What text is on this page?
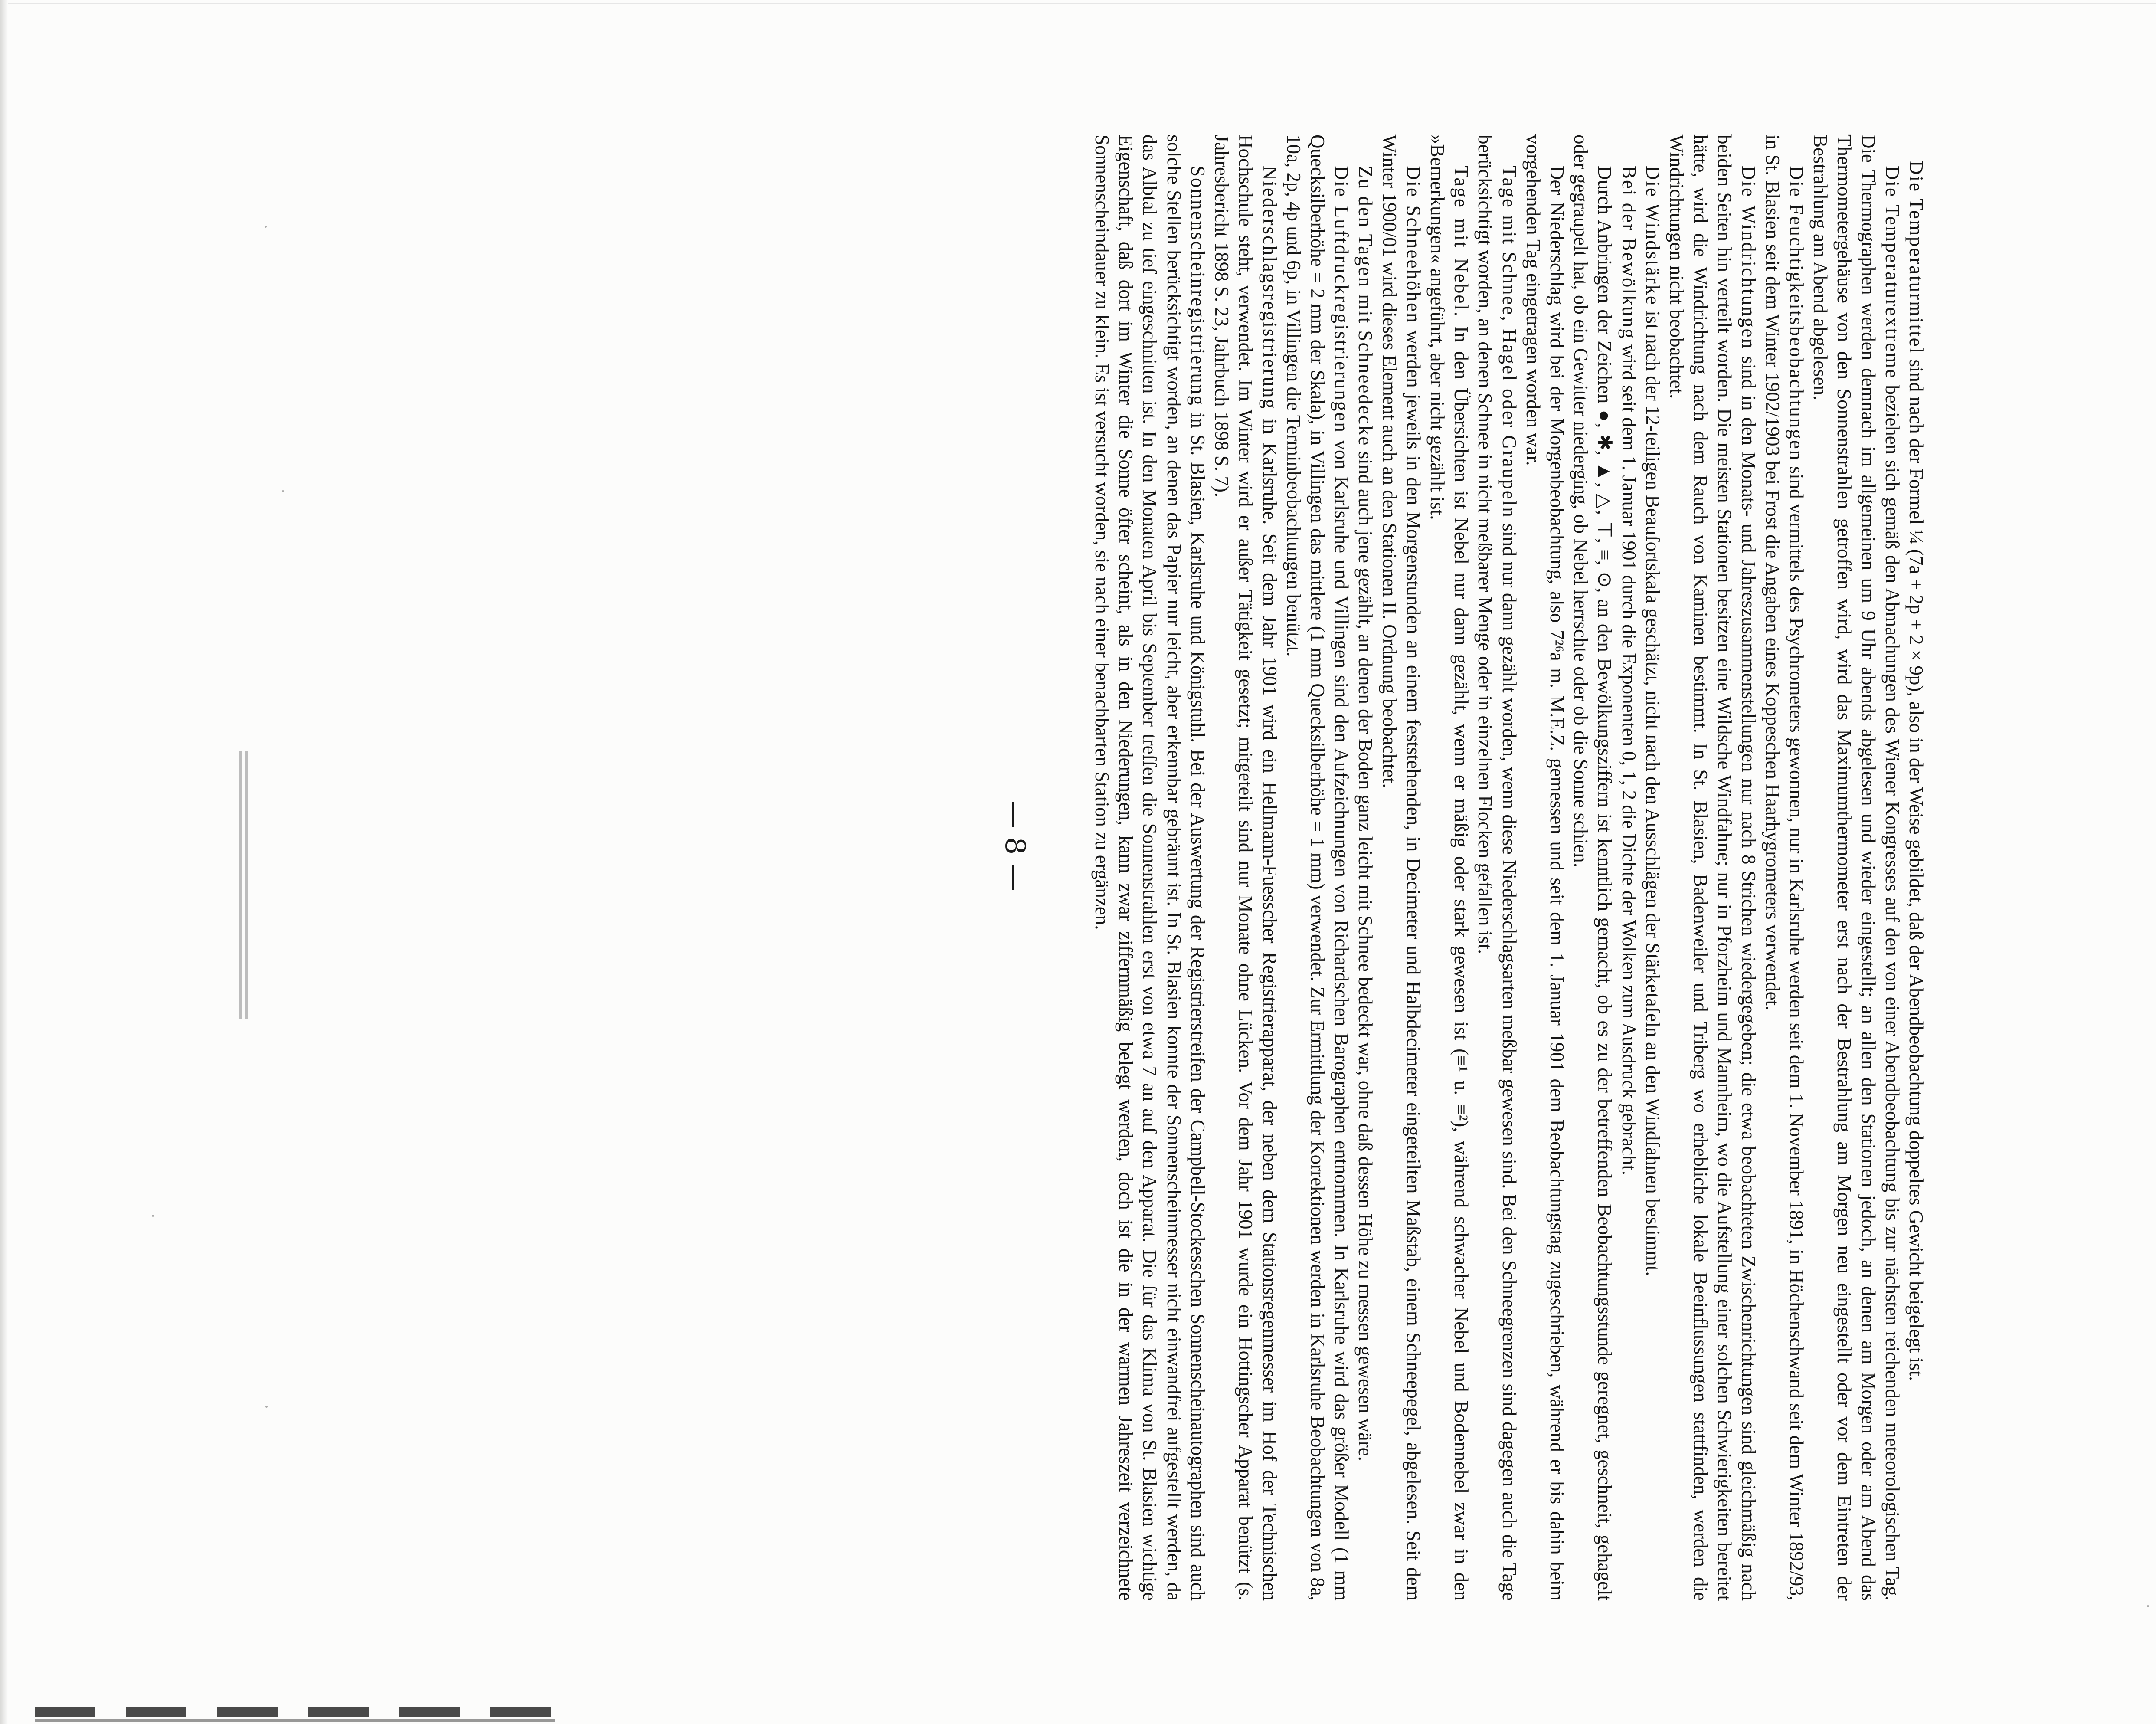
— 8 —

Die Temperaturmittel sind nach der Formel ¼ (7a + 2p + 2 × 9p), also in der Weise gebildet, daß der Abendbeobachtung doppeltes Gewicht beigelegt ist.

Die Temperaturextreme beziehen sich gemäß den Abmachungen des Wiener Kongresses auf den von einer Abendbeobachtung bis zur nächsten reichenden meteorologischen Tag. Die Thermographen werden demnach im allgemeinen um 9 Uhr abends abgelesen und wieder eingestellt; an allen den Stationen jedoch, an denen am Morgen oder am Abend das Thermometergehäuse von den Sonnenstrahlen getroffen wird, wird das Maximumthermometer erst nach der Bestrahlung am Morgen neu eingestellt oder vor dem Eintreten der Bestrahlung am Abend abgelesen.

Die Feuchtigkeitsbeobachtungen sind vermittels des Psychrometers gewonnen, nur in Karlsruhe werden seit dem 1. November 1891, in Höchenschwand seit dem Winter 1892/93, in St. Blasien seit dem Winter 1902/1903 bei Frost die Angaben eines Koppeschen Haarhygrometers verwendet.

Die Windrichtungen sind in den Monats- und Jahreszusammenstellungen nur nach 8 Strichen wiedergegeben; die etwa beobachteten Zwischenrichtungen sind gleichmäßig nach beiden Seiten hin verteilt worden. Die meisten Stationen besitzen eine Wildsche Windfahne; nur in Pforzheim und Mannheim, wo die Aufstellung einer solchen Schwierigkeiten bereitet hätte, wird die Windrichtung nach dem Rauch von Kaminen bestimmt. In St. Blasien, Badenweiler und Triberg wo erhebliche lokale Beeinflussungen stattfinden, werden die Windrichtungen nicht beobachtet.

Die Windstärke ist nach der 12-teiligen Beaufortskala geschätzt, nicht nach den Ausschlägen der Stärketafeln an den Windfahnen bestimmt.

Bei der Bewölkung wird seit dem 1. Januar 1901 durch die Exponenten 0, 1, 2 die Dichte der Wolken zum Ausdruck gebracht.

Durch Anbringen der Zeichen ●, ✱, ▲, △, ⊤, ≡, ⊙, an den Bewölkungsziffern ist kenntlich gemacht, ob es zu der betreffenden Beobachtungsstunde geregnet, geschneit, gehagelt oder gegraupelt hat, ob ein Gewitter niederging, ob Nebel herrschte oder ob die Sonne schien.

Der Niederschlag wird bei der Morgenbeobachtung, also 7²⁶a m. M.E.Z. gemessen und seit dem 1. Januar 1901 dem Beobachtungstag zugeschrieben, während er bis dahin beim vorgehenden Tag eingetragen worden war.

Tage mit Schnee, Hagel oder Graupeln sind nur dann gezählt worden, wenn diese Niederschlagsarten meßbar gewesen sind. Bei den Schneegrenzen sind dagegen auch die Tage berücksichtigt worden, an denen Schnee in nicht meßbarer Menge oder in einzelnen Flocken gefallen ist.

Tage mit Nebel. In den Übersichten ist Nebel nur dann gezählt, wenn er mäßig oder stark gewesen ist (≡¹ u. ≡²), während schwacher Nebel und Bodennebel zwar in den »Bemerkungen« angeführt, aber nicht gezählt ist.

Die Schneehöhen werden jeweils in den Morgenstunden an einem feststehenden, in Decimeter und Halbdecimeter eingeteilten Maßstab, einem Schneepegel, abgelesen. Seit dem Winter 1900/01 wird dieses Element auch an den Stationen II. Ordnung beobachtet.

Zu den Tagen mit Schneedecke sind auch jene gezählt, an denen der Boden ganz leicht mit Schnee bedeckt war, ohne daß dessen Höhe zu messen gewesen wäre.

Die Luftdruckregistrierungen von Karlsruhe und Villingen sind den Aufzeichnungen von Richardschen Barographen entnommen. In Karlsruhe wird das größer Modell (1 mm Quecksilberhöhe = 2 mm der Skala), in Villingen das mittlere (1 mm Quecksilberhöhe = 1 mm) verwendet. Zur Ermittlung der Korrektionen werden in Karlsruhe Beobachtungen von 8a, 10a, 2p, 4p und 6p, in Villingen die Terminbeobachtungen benützt.

Niederschlagsregistrierung in Karlsruhe. Seit dem Jahr 1901 wird ein Hellmann-Fuesscher Registrierapparat, der neben dem Stationsregenmesser im Hof der Technischen Hochschule steht, verwendet. Im Winter wird er außer Tätigkeit gesetzt; mitgeteilt sind nur Monate ohne Lücken. Vor dem Jahr 1901 wurde ein Hottingscher Apparat benützt (s. Jahresbericht 1898 S. 23, Jahrbuch 1898 S. 7).

Sonnenscheinregistrierung in St. Blasien, Karlsruhe und Königstuhl. Bei der Auswertung der Registrierstreifen der Campbell-Stockesschen Sonnenscheinautographen sind auch solche Stellen berücksichtigt worden, an denen das Papier nur leicht, aber erkennbar gebräunt ist. In St. Blasien konnte der Sonnenscheinmesser nicht einwandfrei aufgestellt werden, da das Albtal zu tief eingeschnitten ist. In den Monaten April bis September treffen die Sonnenstrahlen erst von etwa 7 an auf den Apparat. Die für das Klima von St. Blasien wichtige Eigenschaft, daß dort im Winter die Sonne öfter scheint, als in den Niederungen, kann zwar ziffernmäßig belegt werden, doch ist die in der warmen Jahreszeit verzeichnete Sonnenscheindauer zu klein. Es ist versucht worden, sie nach einer benachbarten Station zu ergänzen.
